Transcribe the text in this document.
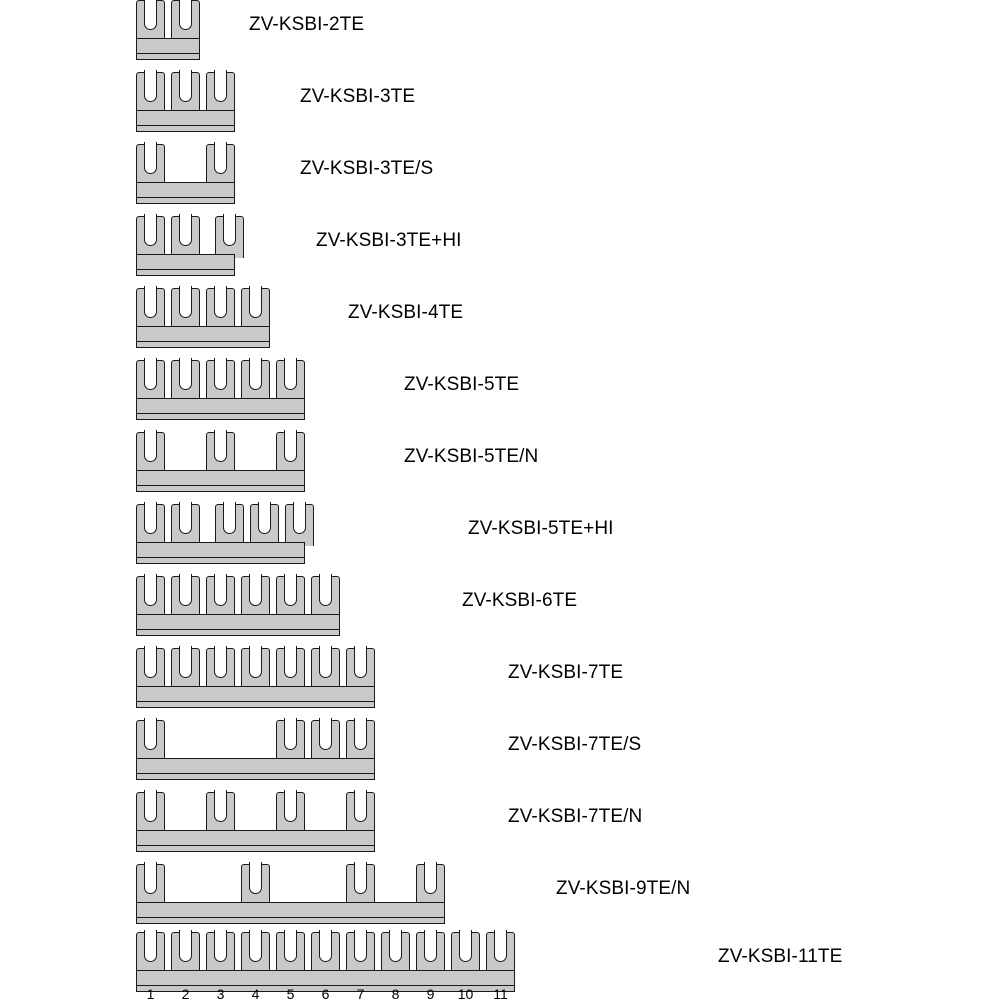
ZV-KSBI-2TE
ZV-KSBI-3TE
ZV-KSBI-3TE/S
ZV-KSBI-3TE+HI
ZV-KSBI-4TE
ZV-KSBI-5TE
ZV-KSBI-5TE/N
ZV-KSBI-5TE+HI
ZV-KSBI-6TE
ZV-KSBI-7TE
ZV-KSBI-7TE/S
ZV-KSBI-7TE/N
ZV-KSBI-9TE/N
ZV-KSBI-11TE
1	2	3	4	5	6	7	8	9	10	11
